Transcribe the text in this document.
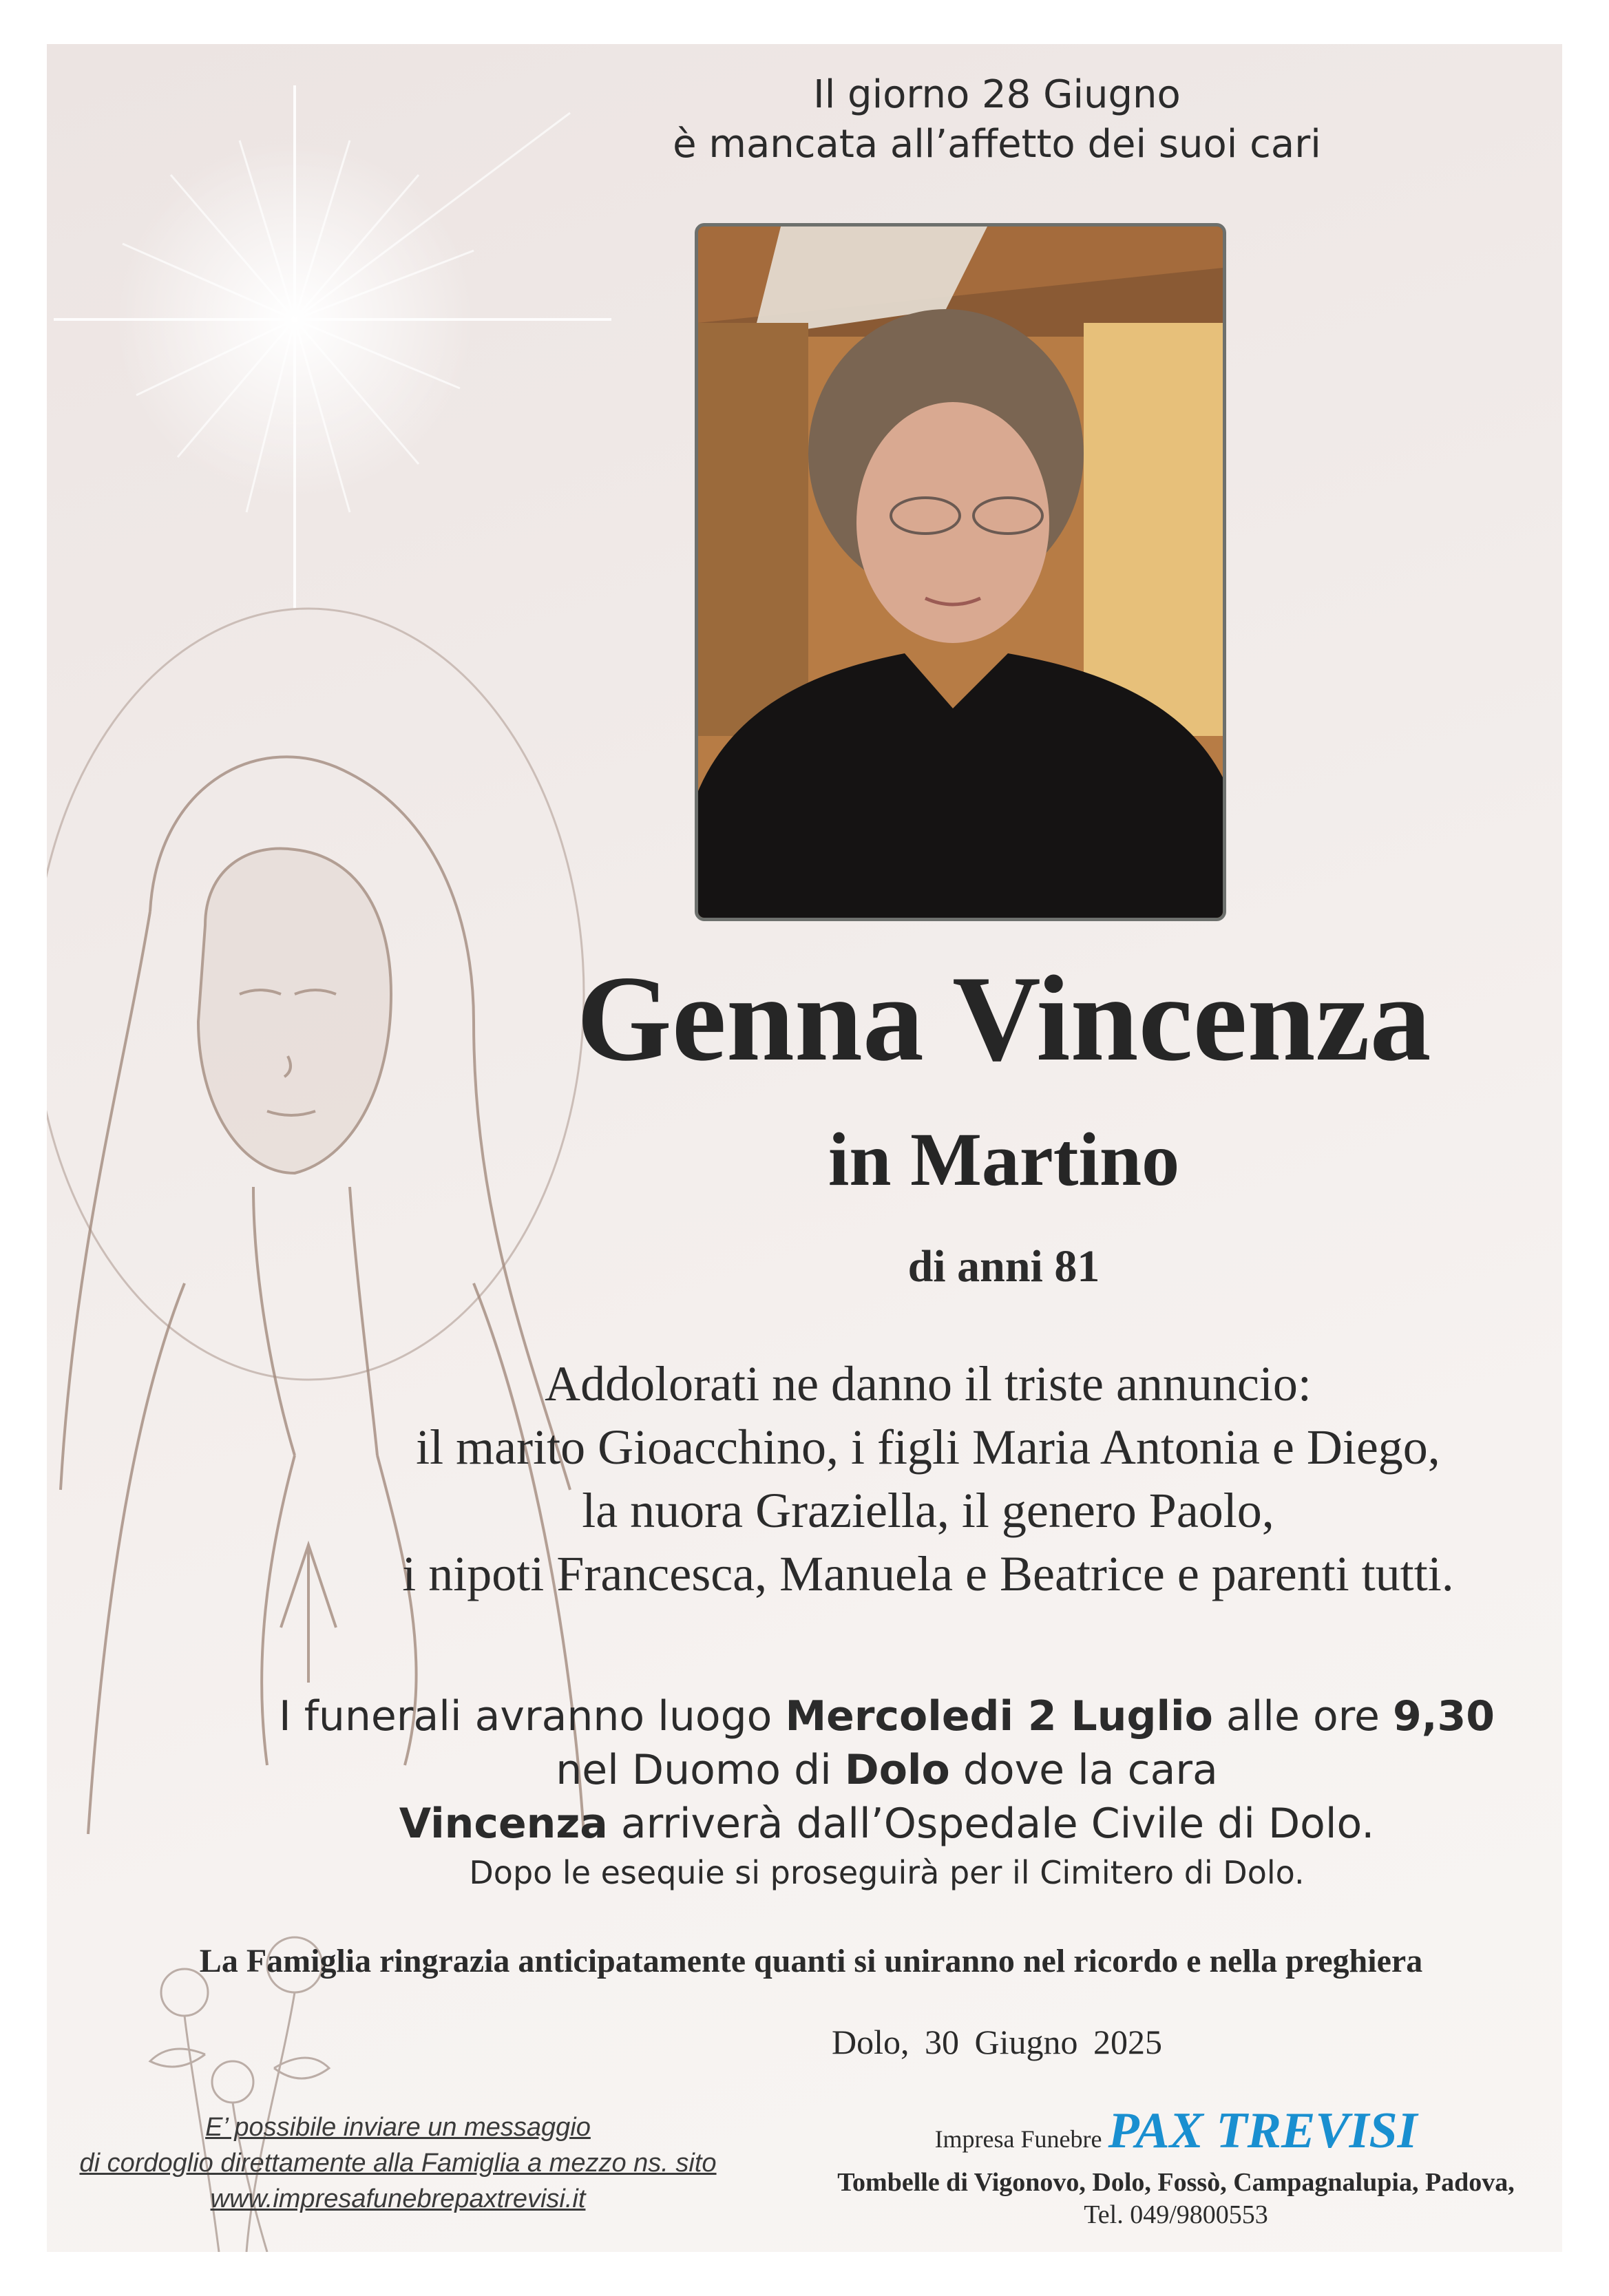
Il giorno 28 Giugno
è mancata all’affetto dei suoi cari
Genna Vincenza
in Martino
di anni 81
Addolorati ne danno il triste annuncio:
il marito Gioacchino, i figli Maria Antonia e Diego,
la nuora Graziella, il genero Paolo,
i nipoti Francesca, Manuela e Beatrice e parenti tutti.
I funerali avranno luogo Mercoledi 2 Luglio alle ore 9,30
nel Duomo di Dolo dove la cara
Vincenza arriverà dall’Ospedale Civile di Dolo.
Dopo le esequie si proseguirà per il Cimitero di Dolo.
La Famiglia ringrazia anticipatamente quanti si uniranno nel ricordo e nella preghiera
Dolo, 30 Giugno 2025
E’ possibile inviare un messaggio
di cordoglio direttamente alla Famiglia a mezzo ns. sito
www.impresafunebrepaxtrevisi.it
Impresa Funebre PAX TREVISI
Tombelle di Vigonovo, Dolo, Fossò, Campagnalupia, Padova,
Tel. 049/9800553
